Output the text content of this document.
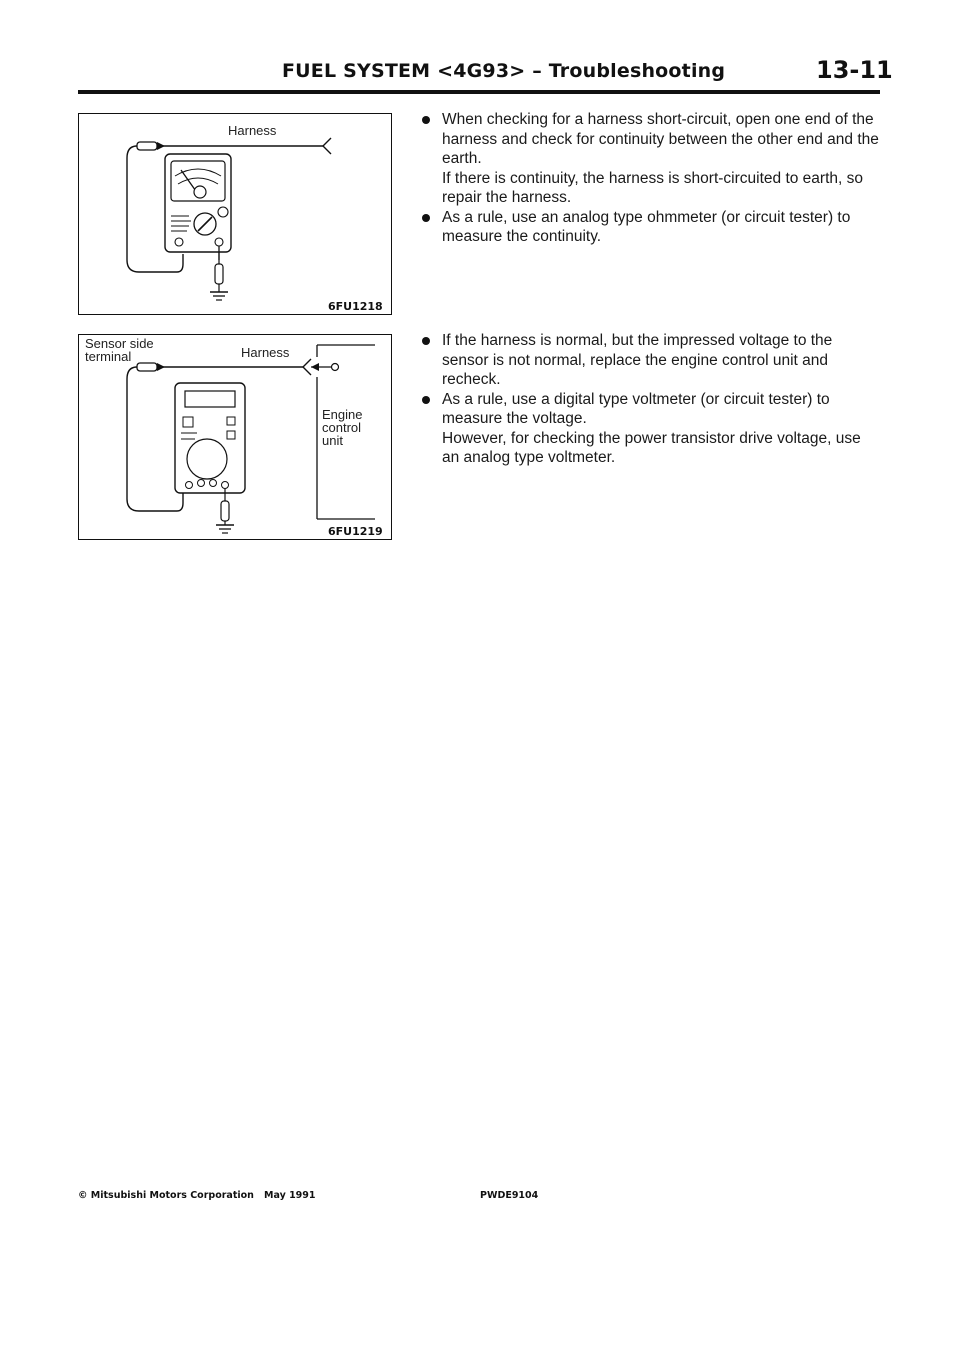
FUEL SYSTEM <4G93> – Troubleshooting	13-11
Harness
6FU1218
Sensor side
terminal	Harness
Engine
control
unit
6FU1219

When checking for a harness short-circuit, open one end of the harness and check for continuity between the other end and the earth.

If there is continuity, the harness is short-circuited to earth, so repair the harness.

As a rule, use an analog type ohmmeter (or circuit tester) to measure the continuity.

If the harness is normal, but the impressed voltage to the sensor is not normal, replace the engine control unit and recheck.

As a rule, use a digital type voltmeter (or circuit tester) to measure the voltage.

However, for checking the power transistor drive voltage, use an analog type voltmeter.

© Mitsubishi Motors Corporation May 1991	PWDE9104
